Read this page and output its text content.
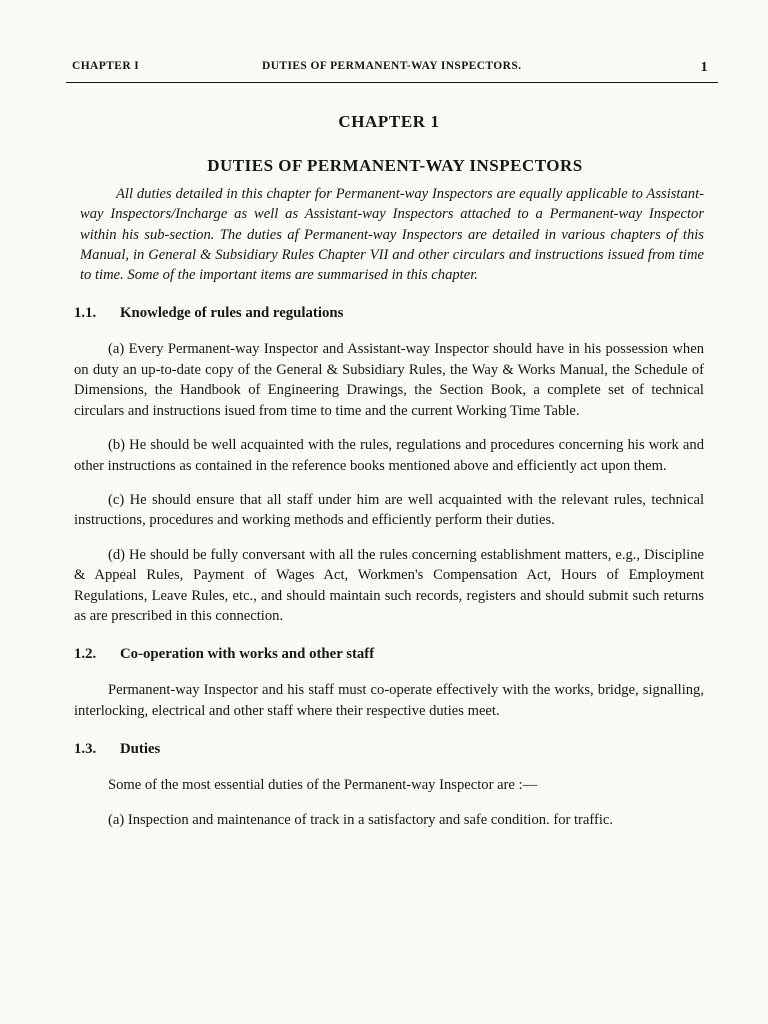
CHAPTER I	DUTIES OF PERMANENT-WAY INSPECTORS.	1
CHAPTER 1
DUTIES OF PERMANENT-WAY INSPECTORS

All duties detailed in this chapter for Permanent-way Inspectors are equally applicable to Assistant-way Inspectors/Incharge as well as Assistant-way Inspectors attached to a Permanent-way Inspector within his sub-section. The duties af Permanent-way Inspectors are detailed in various chapters of this Manual, in General & Subsidiary Rules Chapter VII and other circulars and instructions issued from time to time. Some of the important items are summarised in this chapter.

1.1. Knowledge of rules and regulations

(a) Every Permanent-way Inspector and Assistant-way Inspector should have in his possession when on duty an up-to-date copy of the General & Subsidiary Rules, the Way & Works Manual, the Schedule of Dimensions, the Handbook of Engineering Drawings, the Section Book, a complete set of technical circulars and instructions isued from time to time and the current Working Time Table.

(b) He should be well acquainted with the rules, regulations and procedures concerning his work and other instructions as contained in the reference books mentioned above and efficiently act upon them.

(c) He should ensure that all staff under him are well acquainted with the relevant rules, technical instructions, procedures and working methods and efficiently perform their duties.

(d) He should be fully conversant with all the rules concerning establishment matters, e.g., Discipline & Appeal Rules, Payment of Wages Act, Workmen's Compensation Act, Hours of Employment Regulations, Leave Rules, etc., and should maintain such records, registers and should submit such returns as are prescribed in this connection.

1.2. Co-operation with works and other staff

Permanent-way Inspector and his staff must co-operate effectively with the works, bridge, signalling, interlocking, electrical and other staff where their respective duties meet.

1.3. Duties

Some of the most essential duties of the Permanent-way Inspector are :—

(a) Inspection and maintenance of track in a satisfactory and safe condition. for traffic.
